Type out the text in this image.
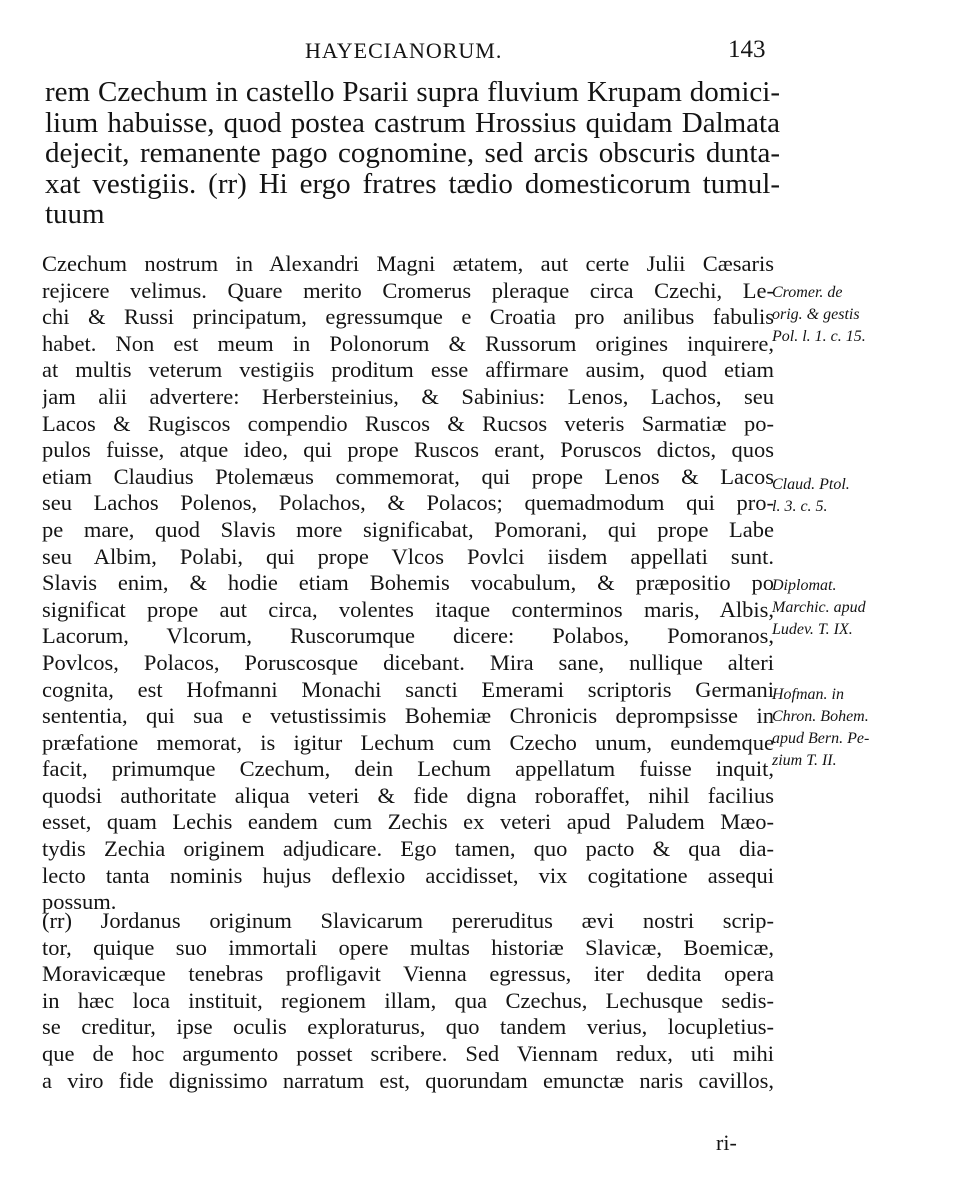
HAYECIANORUM.	143
rem Czechum in castello Psarii supra fluvium Krupam domici-
lium habuisse, quod postea castrum Hrossius quidam Dalmata
dejecit, remanente pago cognomine, sed arcis obscuris dunta-
xat vestigiis. (rr) Hi ergo fratres tædio domesticorum tumul-
tuum
Czechum nostrum in Alexandri Magni ætatem, aut certe Julii Cæsaris
rejicere velimus. Quare merito Cromerus pleraque circa Czechi, Le-
chi & Russi principatum, egressumque e Croatia pro anilibus fabulis
habet. Non est meum in Polonorum & Russorum origines inquirere,
at multis veterum vestigiis proditum esse affirmare ausim, quod etiam
jam alii advertere: Herbersteinius, & Sabinius: Lenos, Lachos, seu
Lacos & Rugiscos compendio Ruscos & Rucsos veteris Sarmatiæ po-
pulos fuisse, atque ideo, qui prope Ruscos erant, Poruscos dictos, quos
etiam Claudius Ptolemæus commemorat, qui prope Lenos & Lacos
seu Lachos Polenos, Polachos, & Polacos; quemadmodum qui pro-
pe mare, quod Slavis more significabat, Pomorani, qui prope Labe
seu Albim, Polabi, qui prope Vlcos Povlci iisdem appellati sunt.
Slavis enim, & hodie etiam Bohemis vocabulum, & præpositio po
significat prope aut circa, volentes itaque conterminos maris, Albis,
Lacorum, Vlcorum, Ruscorumque dicere: Polabos, Pomoranos,
Povlcos, Polacos, Poruscosque dicebant. Mira sane, nullique alteri
cognita, est Hofmanni Monachi sancti Emerami scriptoris Germani
sententia, qui sua e vetustissimis Bohemiæ Chronicis deprompsisse in
præfatione memorat, is igitur Lechum cum Czecho unum, eundemque
facit, primumque Czechum, dein Lechum appellatum fuisse inquit,
quodsi authoritate aliqua veteri & fide digna roboraffet, nihil facilius
esset, quam Lechis eandem cum Zechis ex veteri apud Paludem Mæo-
tydis Zechia originem adjudicare. Ego tamen, quo pacto & qua dia-
lecto tanta nominis hujus deflexio accidisset, vix cogitatione assequi
possum.
(rr) Jordanus originum Slavicarum pereruditus ævi nostri scrip-
tor, quique suo immortali opere multas historiæ Slavicæ, Boemicæ,
Moravicæque tenebras profligavit Vienna egressus, iter dedita opera
in hæc loca instituit, regionem illam, qua Czechus, Lechusque sedis-
se creditur, ipse oculis exploraturus, quo tandem verius, locupletius-
que de hoc argumento posset scribere. Sed Viennam redux, uti mihi
a viro fide dignissimo narratum est, quorundam emunctæ naris cavillos,
ri-
Cromer. de
orig. & gestis
Pol. l. 1. c. 15.
Claud. Ptol.
l. 3. c. 5.
Diplomat.
Marchic. apud
Ludev. T. IX.
Hofman. in
Chron. Bohem.
apud Bern. Pe-
zium T. II.
